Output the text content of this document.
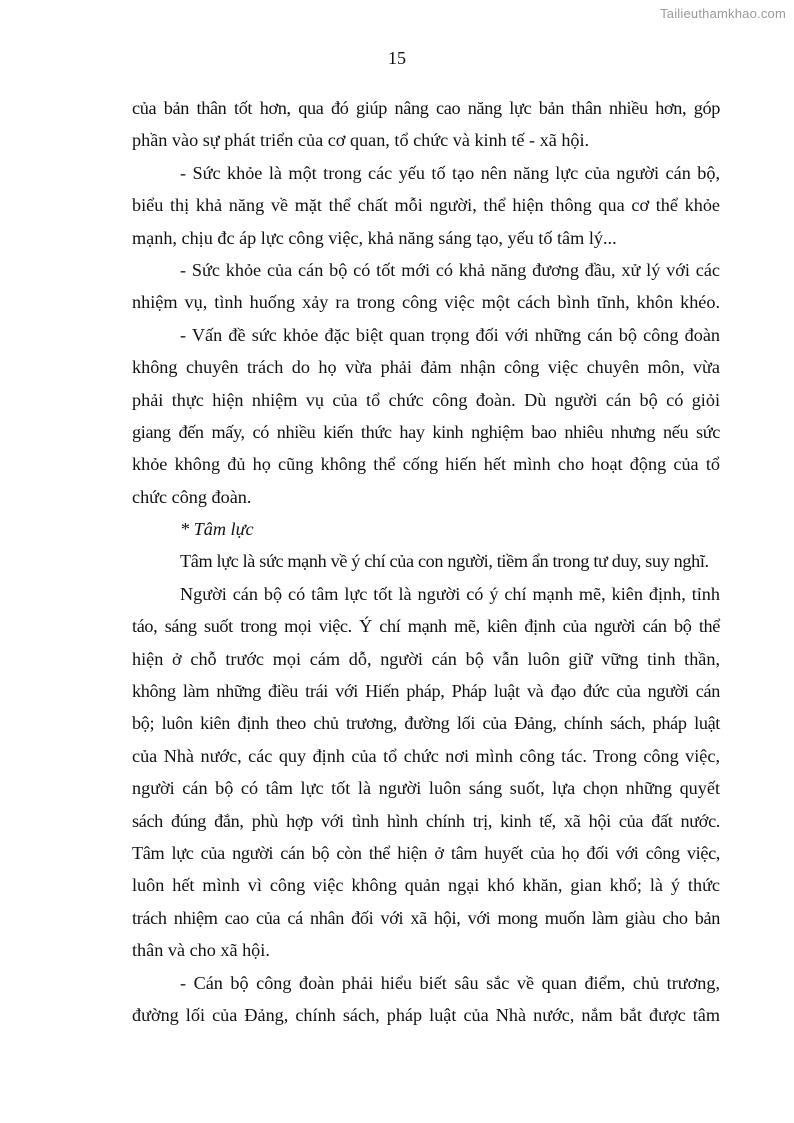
Tailieuthamkhao.com
15
của bản thân tốt hơn, qua đó giúp nâng cao năng lực bản thân nhiều hơn, góp
phần vào sự phát triển của cơ quan, tổ chức và kinh tế - xã hội.
- Sức khỏe là một trong các yếu tố tạo nên năng lực của người cán bộ,
biểu thị khả năng về mặt thể chất mỗi người, thể hiện thông qua cơ thể khỏe
mạnh, chịu đc áp lực công việc, khả năng sáng tạo, yếu tố tâm lý...
- Sức khỏe của cán bộ có tốt mới có khả năng đương đầu, xử lý với các
nhiệm vụ, tình huống xảy ra trong công việc một cách bình tĩnh, khôn khéo.
- Vấn đề sức khỏe đặc biệt quan trọng đối với những cán bộ công đoàn
không chuyên trách do họ vừa phải đảm nhận công việc chuyên môn, vừa
phải thực hiện nhiệm vụ của tổ chức công đoàn. Dù người cán bộ có giỏi
giang đến mấy, có nhiều kiến thức hay kinh nghiệm bao nhiêu nhưng nếu sức
khỏe không đủ họ cũng không thể cống hiến hết mình cho hoạt động của tổ
chức công đoàn.
* Tâm lực
Tâm lực là sức mạnh về ý chí của con người, tiềm ẩn trong tư duy, suy nghĩ.
Người cán bộ có tâm lực tốt là người có ý chí mạnh mẽ, kiên định, tỉnh
táo, sáng suốt trong mọi việc. Ý chí mạnh mẽ, kiên định của người cán bộ thể
hiện ở chỗ trước mọi cám dỗ, người cán bộ vẫn luôn giữ vững tinh thần,
không làm những điều trái với Hiến pháp, Pháp luật và đạo đức của người cán
bộ; luôn kiên định theo chủ trương, đường lối của Đảng, chính sách, pháp luật
của Nhà nước, các quy định của tổ chức nơi mình công tác. Trong công việc,
người cán bộ có tâm lực tốt là người luôn sáng suốt, lựa chọn những quyết
sách đúng đắn, phù hợp với tình hình chính trị, kinh tế, xã hội của đất nước.
Tâm lực của người cán bộ còn thể hiện ở tâm huyết của họ đối với công việc,
luôn hết mình vì công việc không quản ngại khó khăn, gian khổ; là ý thức
trách nhiệm cao của cá nhân đối với xã hội, với mong muốn làm giàu cho bản
thân và cho xã hội.
- Cán bộ công đoàn phải hiểu biết sâu sắc về quan điểm, chủ trương,
đường lối của Đảng, chính sách, pháp luật của Nhà nước, nắm bắt được tâm
